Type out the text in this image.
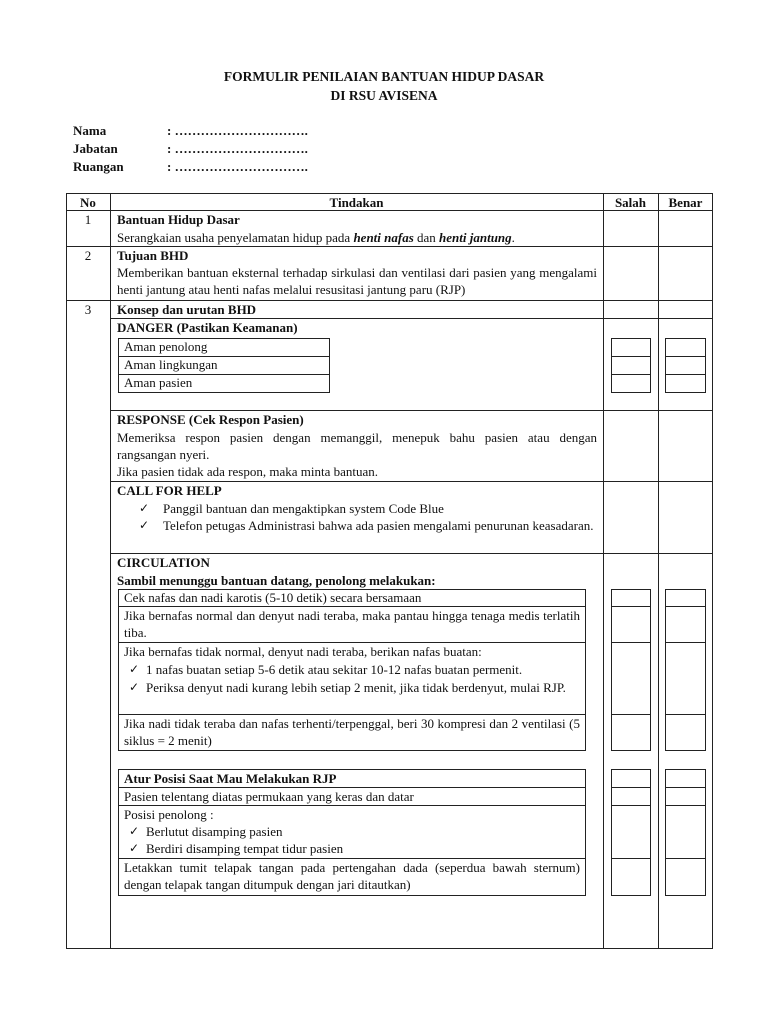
FORMULIR PENILAIAN BANTUAN HIDUP DASAR
DI RSU AVISENA
Nama	: ………………………….
Jabatan	: ………………………….
Ruangan	: ………………………….
No	Tindakan	Salah	Benar
1	Bantuan Hidup Dasar
Serangkaian usaha penyelamatan hidup pada henti nafas dan henti jantung.
2	Tujuan BHD
Memberikan bantuan eksternal terhadap sirkulasi dan ventilasi dari pasien yang mengalami henti jantung atau henti nafas melalui resusitasi jantung paru (RJP)
3	Konsep dan urutan BHD
DANGER (Pastikan Keamanan)
Aman penolong
Aman lingkungan
Aman pasien
RESPONSE (Cek Respon Pasien)
Memeriksa respon pasien dengan memanggil, menepuk bahu pasien atau dengan rangsangan nyeri.
Jika pasien tidak ada respon, maka minta bantuan.
CALL FOR HELP
✓ Panggil bantuan dan mengaktipkan system Code Blue
✓ Telefon petugas Administrasi bahwa ada pasien mengalami penurunan keasadaran.
CIRCULATION
Sambil menunggu bantuan datang, penolong melakukan:
Cek nafas dan nadi karotis (5-10 detik) secara bersamaan
Jika bernafas normal dan denyut nadi teraba, maka pantau hingga tenaga medis terlatih tiba.
Jika bernafas tidak normal, denyut nadi teraba, berikan nafas buatan:
✓ 1 nafas buatan setiap 5-6 detik atau sekitar 10-12 nafas buatan permenit.
✓ Periksa denyut nadi kurang lebih setiap 2 menit, jika tidak berdenyut, mulai RJP.
Jika nadi tidak teraba dan nafas terhenti/terpenggal, beri 30 kompresi dan 2 ventilasi (5 siklus = 2 menit)
Atur Posisi Saat Mau Melakukan RJP
Pasien telentang diatas permukaan yang keras dan datar
Posisi penolong :
✓ Berlutut disamping pasien
✓ Berdiri disamping tempat tidur pasien
Letakkan tumit telapak tangan pada pertengahan dada (seperdua bawah sternum) dengan telapak tangan ditumpuk dengan jari ditautkan)
